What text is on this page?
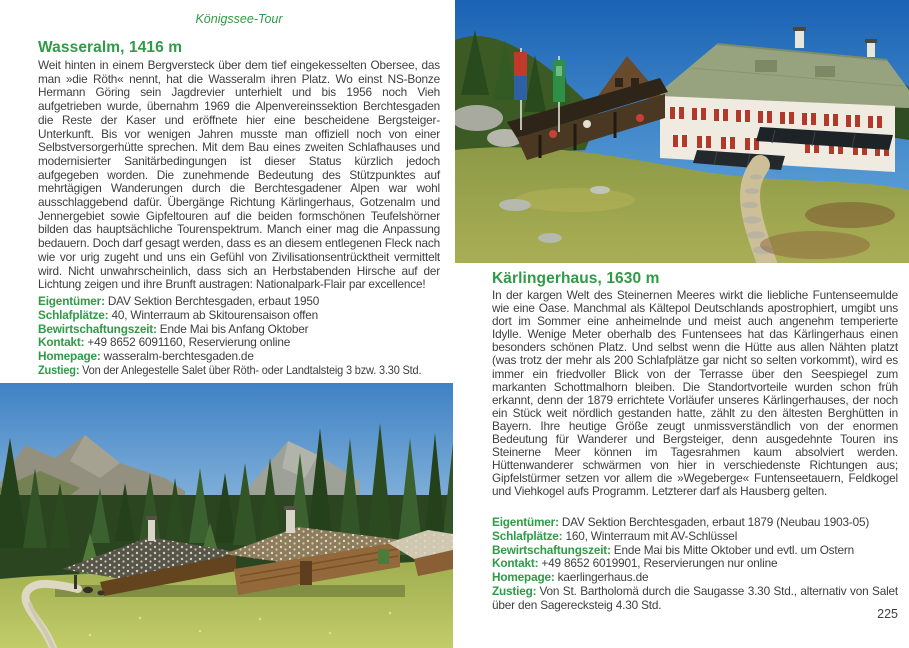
Königssee-Tour
Wasseralm, 1416 m
Weit hinten in einem Bergversteck über dem tief eingekesselten Obersee, das man »die Röth« nennt, hat die Wasseralm ihren Platz. Wo einst NS-Bonze Hermann Göring sein Jagdrevier unterhielt und bis 1956 noch Vieh aufgetrieben wurde, übernahm 1969 die Alpenvereinssektion Berchtesgaden die Reste der Kaser und eröffnete hier eine bescheidene Bergsteiger-Unterkunft. Bis vor wenigen Jahren musste man offiziell noch von einer Selbstversorgerhütte sprechen. Mit dem Bau eines zweiten Schlafhauses und modernisierter Sanitärbedingungen ist dieser Status kürzlich jedoch aufgegeben worden. Die zunehmende Bedeutung des Stützpunktes auf mehrtägigen Wanderungen durch die Berchtesgadener Alpen war wohl ausschlaggebend dafür. Übergänge Richtung Kärlingerhaus, Gotzenalm und Jennergebiet sowie Gipfeltouren auf die beiden formschönen Teufelshörner bilden das hauptsächliche Tourenspektrum. Manch einer mag die Anpassung bedauern. Doch darf gesagt werden, dass es an diesem entlegenen Fleck nach wie vor urig zugeht und uns ein Gefühl von Zivilisationsentrücktheit vermittelt wird. Nicht unwahrscheinlich, dass sich an Herbstabenden Hirsche auf der Lichtung zeigen und ihre Brunft austragen: Nationalpark-Flair par excellence!
Eigentümer: DAV Sektion Berchtesgaden, erbaut 1950
Schlafplätze: 40, Winterraum ab Skitourensaison offen
Bewirtschaftungszeit: Ende Mai bis Anfang Oktober
Kontakt: +49 8652 6091160, Reservierung online
Homepage: wasseralm-berchtesgaden.de
Zustieg: Von der Anlegestelle Salet über Röth- oder Landtalsteig 3 bzw. 3.30 Std.
Kärlingerhaus, 1630 m
In der kargen Welt des Steinernen Meeres wirkt die liebliche Funtenseemulde wie eine Oase. Manchmal als Kältepol Deutschlands apostrophiert, umgibt uns dort im Sommer eine anheimelnde und meist auch angenehm temperierte Idylle. Wenige Meter oberhalb des Funtensees hat das Kärlingerhaus einen besonders schönen Platz. Und selbst wenn die Hütte aus allen Nähten platzt (was trotz der mehr als 200 Schlafplätze gar nicht so selten vorkommt), wird es immer ein friedvoller Blick von der Terrasse über den Seespiegel zum markanten Schottmalhorn bleiben. Die Standortvorteile wurden schon früh erkannt, denn der 1879 errichtete Vorläufer unseres Kärlingerhauses, der noch ein Stück weit nördlich gestanden hatte, zählt zu den ältesten Berghütten in Bayern. Ihre heutige Größe zeugt unmissverständlich von der enormen Bedeutung für Wanderer und Bergsteiger, denn ausgedehnte Touren ins Steinerne Meer können im Tagesrahmen kaum absolviert werden. Hüttenwanderer schwärmen von hier in verschiedenste Richtungen aus; Gipfelstürmer setzen vor allem die »Wegeberge« Funtenseetauern, Feldkogel und Viehkogel aufs Programm. Letzterer darf als Hausberg gelten.
Eigentümer: DAV Sektion Berchtesgaden, erbaut 1879 (Neubau 1903-05)
Schlafplätze: 160, Winterraum mit AV-Schlüssel
Bewirtschaftungszeit: Ende Mai bis Mitte Oktober und evtl. um Ostern
Kontakt: +49 8652 6019901, Reservierungen nur online
Homepage: kaerlingerhaus.de
Zustieg: Von St. Bartholomä durch die Saugasse 3.30 Std., alternativ von Salet über den Sagerecksteig 4.30 Std.
225
